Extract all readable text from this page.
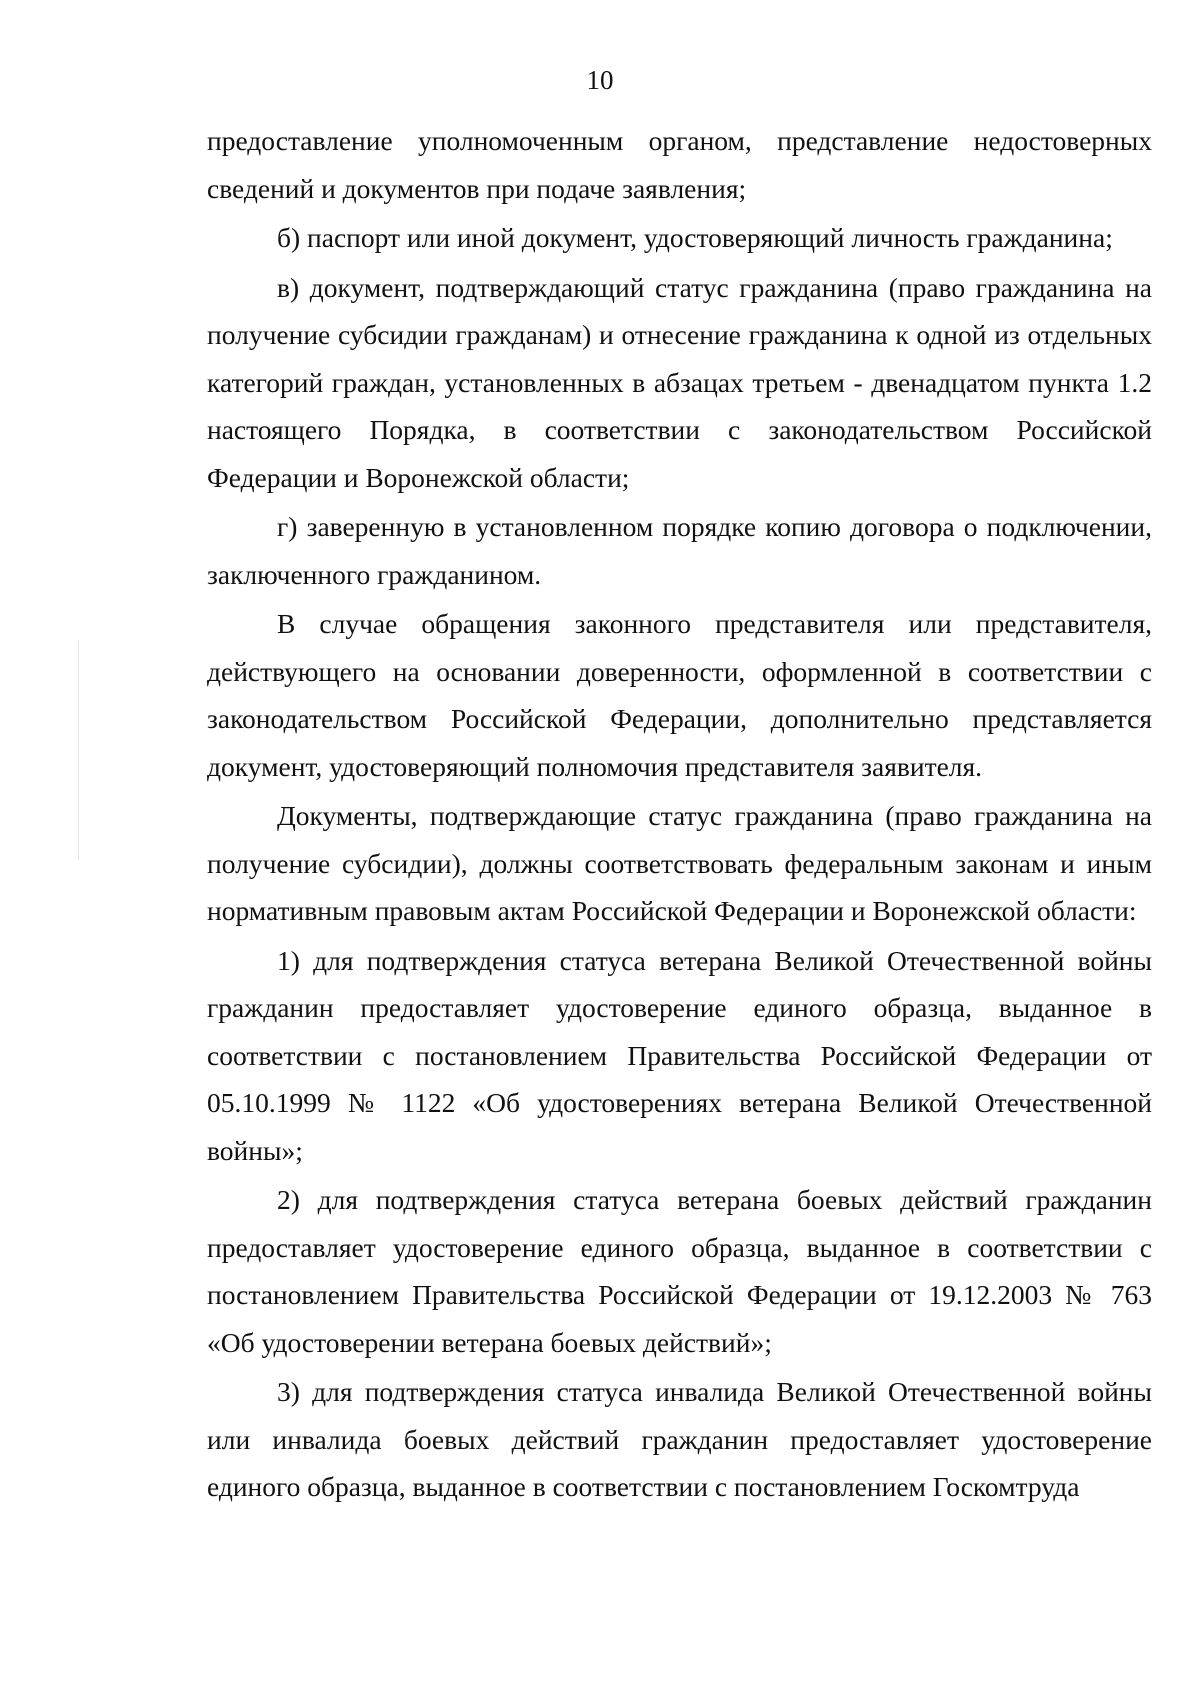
10

предоставление уполномоченным органом, представление недостоверных сведений и документов при подаче заявления;

б) паспорт или иной документ, удостоверяющий личность гражданина;

в) документ, подтверждающий статус гражданина (право гражданина на получение субсидии гражданам) и отнесение гражданина к одной из отдельных категорий граждан, установленных в абзацах третьем - двенадцатом пункта 1.2 настоящего Порядка, в соответствии с законодательством Российской Федерации и Воронежской области;

г) заверенную в установленном порядке копию договора о подключении, заключенного гражданином.

В случае обращения законного представителя или представителя, действующего на основании доверенности, оформленной в соответствии с законодательством Российской Федерации, дополнительно представляется документ, удостоверяющий полномочия представителя заявителя.

Документы, подтверждающие статус гражданина (право гражданина на получение субсидии), должны соответствовать федеральным законам и иным нормативным правовым актам Российской Федерации и Воронежской области:

1) для подтверждения статуса ветерана Великой Отечественной войны гражданин предоставляет удостоверение единого образца, выданное в соответствии с постановлением Правительства Российской Федерации от 05.10.1999 № 1122 «Об удостоверениях ветерана Великой Отечественной войны»;

2) для подтверждения статуса ветерана боевых действий гражданин предоставляет удостоверение единого образца, выданное в соответствии с постановлением Правительства Российской Федерации от 19.12.2003 № 763 «Об удостоверении ветерана боевых действий»;

3) для подтверждения статуса инвалида Великой Отечественной войны или инвалида боевых действий гражданин предоставляет удостоверение единого образца, выданное в соответствии с постановлением Госкомтруда
